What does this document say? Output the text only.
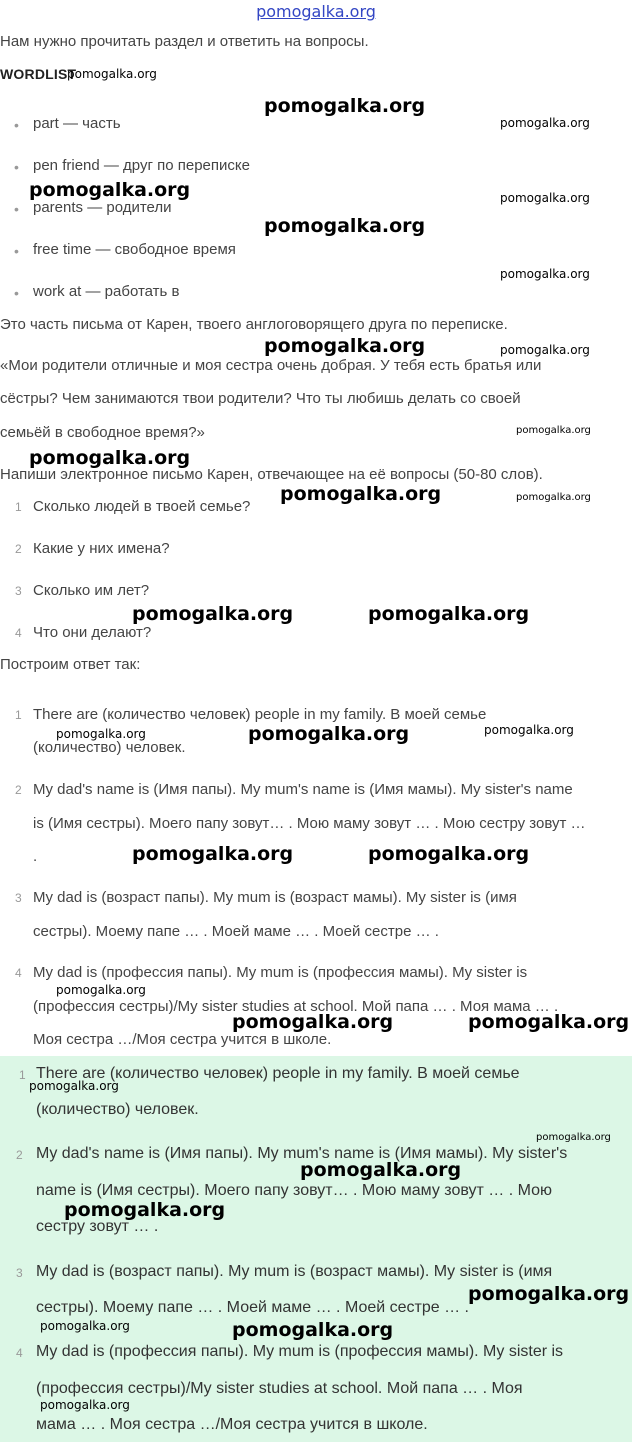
pomogalka.org
Нам нужно прочитать раздел и ответить на вопросы.
WORDLIST
• part — часть
• pen friend — друг по переписке
• parents — родители
• free time — свободное время
• work at — работать в
Это часть письма от Карен, твоего англоговорящего друга по переписке.
«Мои родители отличные и моя сестра очень добрая. У тебя есть братья или
сёстры? Чем занимаются твои родители? Что ты любишь делать со своей
семьёй в свободное время?»
Напиши электронное письмо Карен, отвечающее на её вопросы (50-80 слов).
1 Сколько людей в твоей семье?
2 Какие у них имена?
3 Сколько им лет?
4 Что они делают?
Построим ответ так:
1 There are (количество человек) people in my family. В моей семье
(количество) человек.
2 My dad's name is (Имя папы). My mum's name is (Имя мамы). My sister's name
is (Имя сестры). Моего папу зовут… . Мою маму зовут … . Мою сестру зовут …
.
3 My dad is (возраст папы). My mum is (возраст мамы). My sister is (имя
сестры). Моему папе … . Моей маме … . Моей сестре … .
4 My dad is (профессия папы). My mum is (профессия мамы). My sister is
(профессия сестры)/My sister studies at school. Мой папа … . Моя мама … .
Моя сестра …/Моя сестра учится в школе.
1 There are (количество человек) people in my family. В моей семье
(количество) человек.
2 My dad's name is (Имя папы). My mum's name is (Имя мамы). My sister's
name is (Имя сестры). Моего папу зовут… . Мою маму зовут … . Мою
сестру зовут … .
3 My dad is (возраст папы). My mum is (возраст мамы). My sister is (имя
сестры). Моему папе … . Моей маме … . Моей сестре … .
4 My dad is (профессия папы). My mum is (профессия мамы). My sister is
(профессия сестры)/My sister studies at school. Мой папа … . Моя
мама … . Моя сестра …/Моя сестра учится в школе.
pomogalka.org
pomogalka.org
pomogalka.org
pomogalka.org	pomogalka.org
pomogalka.org
pomogalka.org
pomogalka.org	pomogalka.org
pomogalka.org
pomogalka.org
pomogalka.org	pomogalka.org
pomogalka.org	pomogalka.org
pomogalka.org	pomogalka.org	pomogalka.org
pomogalka.org	pomogalka.org
pomogalka.org
pomogalka.org	pomogalka.org
pomogalka.org
pomogalka.org
pomogalka.org
pomogalka.org
pomogalka.org
pomogalka.org	pomogalka.org
pomogalka.org
